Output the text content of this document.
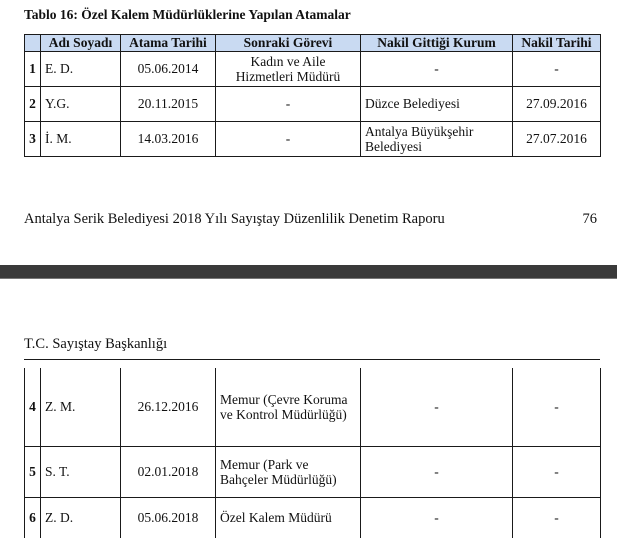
Tablo 16: Özel Kalem Müdürlüklerine Yapılan Atamalar
	Adı Soyadı	Atama Tarihi	Sonraki Görevi	Nakil Gittiği Kurum	Nakil Tarihi
1	E. D.	05.06.2014	Kadın ve Aile Hizmetleri Müdürü	-	-
2	Y.G.	20.11.2015	-	Düzce Belediyesi	27.09.2016
3	İ. M.	14.03.2016	-	Antalya Büyükşehir Belediyesi	27.07.2016
Antalya Serik Belediyesi 2018 Yılı Sayıştay Düzenlilik Denetim Raporu	76
T.C. Sayıştay Başkanlığı
4	Z. M.	26.12.2016	Memur (Çevre Koruma ve Kontrol Müdürlüğü)	-	-
5	S. T.	02.01.2018	Memur (Park ve Bahçeler Müdürlüğü)	-	-
6	Z. D.	05.06.2018	Özel Kalem Müdürü	-	-
